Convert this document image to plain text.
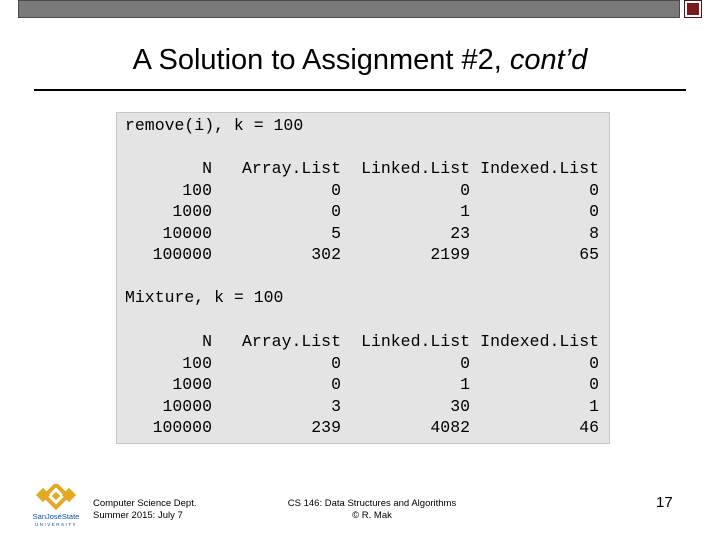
A Solution to Assignment #2, cont’d
remove(i), k = 100
N	Array.List	Linked.List	Indexed.List
100	0	0	0
1000	0	1	0
10000	5	23	8
100000	302	2199	65
Mixture, k = 100
N	Array.List	Linked.List	Indexed.List
100	0	0	0
1000	0	1	0
10000	3	30	1
100000	239	4082	46
SanJoséState
UNIVERSITY
Computer Science Dept.
Summer 2015: July 7
CS 146: Data Structures and Algorithms
© R. Mak
17
